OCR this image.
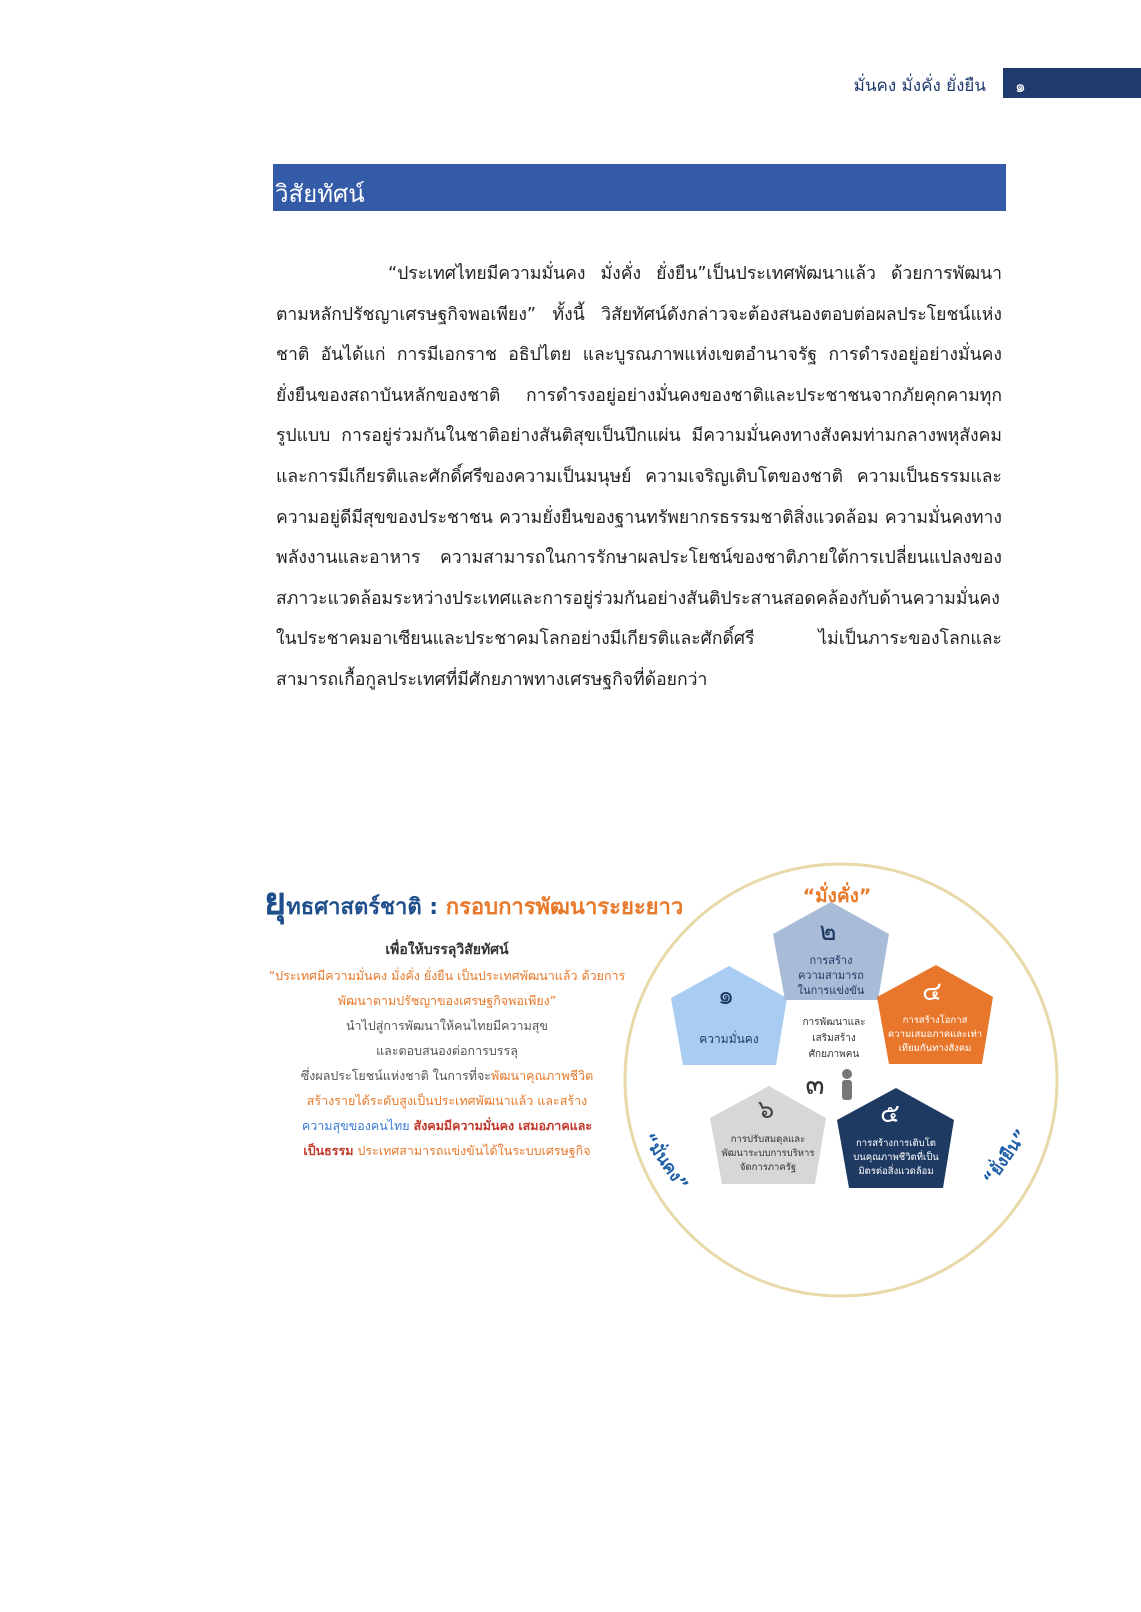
มั่นคง มั่งคั่ง ยั่งยืน ๑
วิสัยทัศน์

“ประเทศไทยมีความมั่นคง มั่งคั่ง ยั่งยืน”เป็นประเทศพัฒนาแล้ว ด้วยการพัฒนาตามหลักปรัชญาเศรษฐกิจพอเพียง” ทั้งนี้ วิสัยทัศน์ดังกล่าวจะต้องสนองตอบต่อผลประโยชน์แห่งชาติ อันได้แก่ การมีเอกราช อธิปไตย และบูรณภาพแห่งเขตอำนาจรัฐ การดำรงอยู่อย่างมั่นคงยั่งยืนของสถาบันหลักของชาติ การดำรงอยู่อย่างมั่นคงของชาติและประชาชนจากภัยคุกคามทุกรูปแบบ การอยู่ร่วมกันในชาติอย่างสันติสุขเป็นปึกแผ่น มีความมั่นคงทางสังคมท่ามกลางพหุสังคมและการมีเกียรติและศักดิ์ศรีของความเป็นมนุษย์ ความเจริญเติบโตของชาติ ความเป็นธรรมและความอยู่ดีมีสุขของประชาชน ความยั่งยืนของฐานทรัพยากรธรรมชาติสิ่งแวดล้อม ความมั่นคงทางพลังงานและอาหาร ความสามารถในการรักษาผลประโยชน์ของชาติภายใต้การเปลี่ยนแปลงของสภาวะแวดล้อมระหว่างประเทศและการอยู่ร่วมกันอย่างสันติประสานสอดคล้องกับด้านความมั่นคงในประชาคมอาเซียนและประชาคมโลกอย่างมีเกียรติและศักดิ์ศรี ไม่เป็นภาระของโลกและสามารถเกื้อกูลประเทศที่มีศักยภาพทางเศรษฐกิจที่ด้อยกว่า

ยุทธศาสตร์ชาติ : กรอบการพัฒนาระยะยาว
เพื่อให้บรรลุวิสัยทัศน์
“ประเทศมีความมั่นคง มั่งคั่ง ยั่งยืน เป็นประเทศพัฒนาแล้ว ด้วยการพัฒนาตามปรัชญาของเศรษฐกิจพอเพียง”
นำไปสู่การพัฒนาให้คนไทยมีความสุข
และตอบสนองต่อการบรรลุ
ซึ่งผลประโยชน์แห่งชาติ ในการที่จะพัฒนาคุณภาพชีวิต
สร้างรายได้ระดับสูงเป็นประเทศพัฒนาแล้ว และสร้าง
ความสุขของคนไทย สังคมมีความมั่นคง เสมอภาคและ
เป็นธรรม ประเทศสามารถแข่งขันได้ในระบบเศรษฐกิจ
“มั่งคั่ง”
“มั่นคง”	“ยั่งยืน”
๑
ความมั่นคง
๒
การสร้าง
ความสามารถ
ในการแข่งขัน ๔
การสร้างโอกาส
ความเสมอภาคและเท่า
เทียมกันทางสังคม
๕
การสร้างการเติบโต
บนคุณภาพชีวิตที่เป็น
มิตรต่อสิ่งแวดล้อม
๖
การปรับสมดุลและ
พัฒนาระบบการบริหาร
จัดการภาครัฐ
การพัฒนาและ
เสริมสร้าง
ศักยภาพคน
๓
